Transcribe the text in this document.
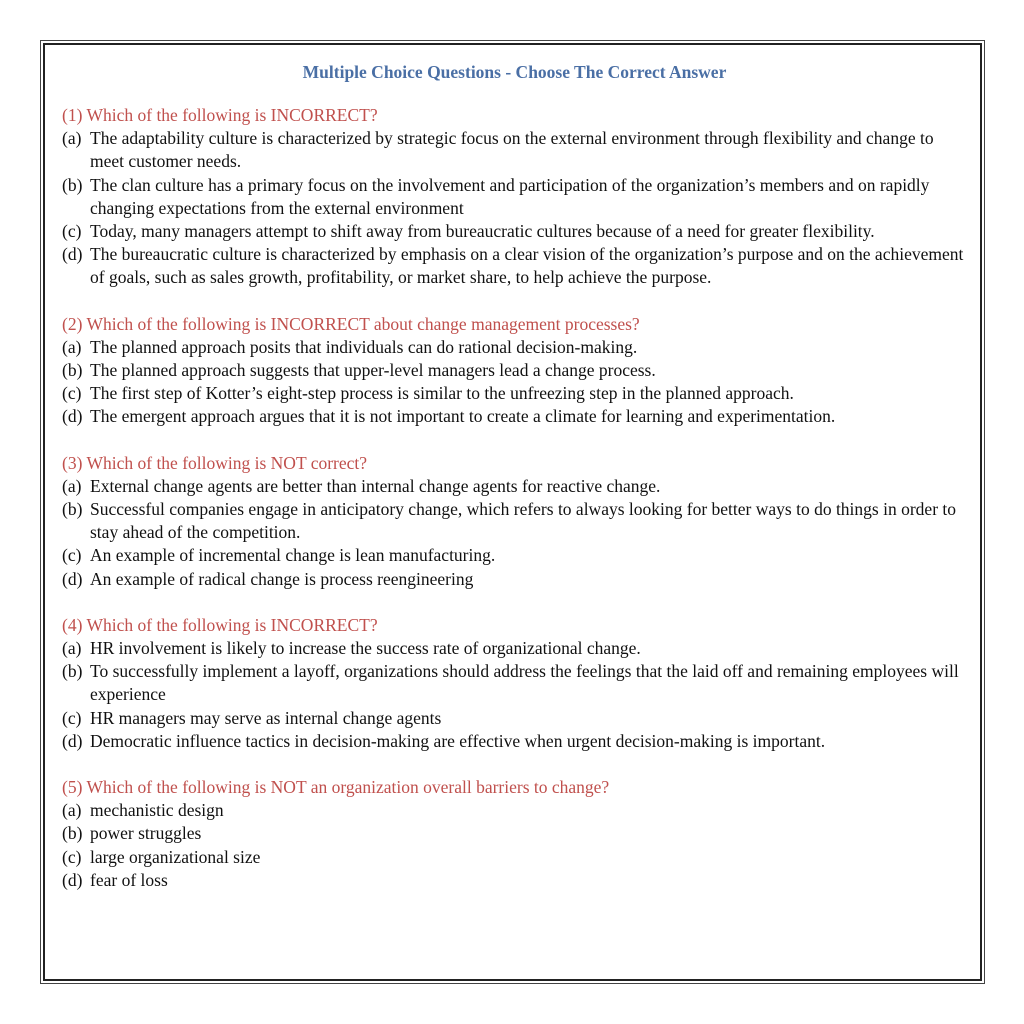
Multiple Choice Questions - Choose The Correct Answer
(1) Which of the following is INCORRECT?
(a) The adaptability culture is characterized by strategic focus on the external environment through flexibility and change to meet customer needs.
(b) The clan culture has a primary focus on the involvement and participation of the organization’s members and on rapidly changing expectations from the external environment
(c) Today, many managers attempt to shift away from bureaucratic cultures because of a need for greater flexibility.
(d) The bureaucratic culture is characterized by emphasis on a clear vision of the organization’s purpose and on the achievement of goals, such as sales growth, profitability, or market share, to help achieve the purpose.
(2) Which of the following is INCORRECT about change management processes?
(a) The planned approach posits that individuals can do rational decision-making.
(b) The planned approach suggests that upper-level managers lead a change process.
(c) The first step of Kotter’s eight-step process is similar to the unfreezing step in the planned approach.
(d) The emergent approach argues that it is not important to create a climate for learning and experimentation.
(3) Which of the following is NOT correct?
(a) External change agents are better than internal change agents for reactive change.
(b) Successful companies engage in anticipatory change, which refers to always looking for better ways to do things in order to stay ahead of the competition.
(c) An example of incremental change is lean manufacturing.
(d) An example of radical change is process reengineering
(4) Which of the following is INCORRECT?
(a) HR involvement is likely to increase the success rate of organizational change.
(b) To successfully implement a layoff, organizations should address the feelings that the laid off and remaining employees will experience
(c) HR managers may serve as internal change agents
(d) Democratic influence tactics in decision-making are effective when urgent decision-making is important.
(5) Which of the following is NOT an organization overall barriers to change?
(a) mechanistic design
(b) power struggles
(c) large organizational size
(d) fear of loss
